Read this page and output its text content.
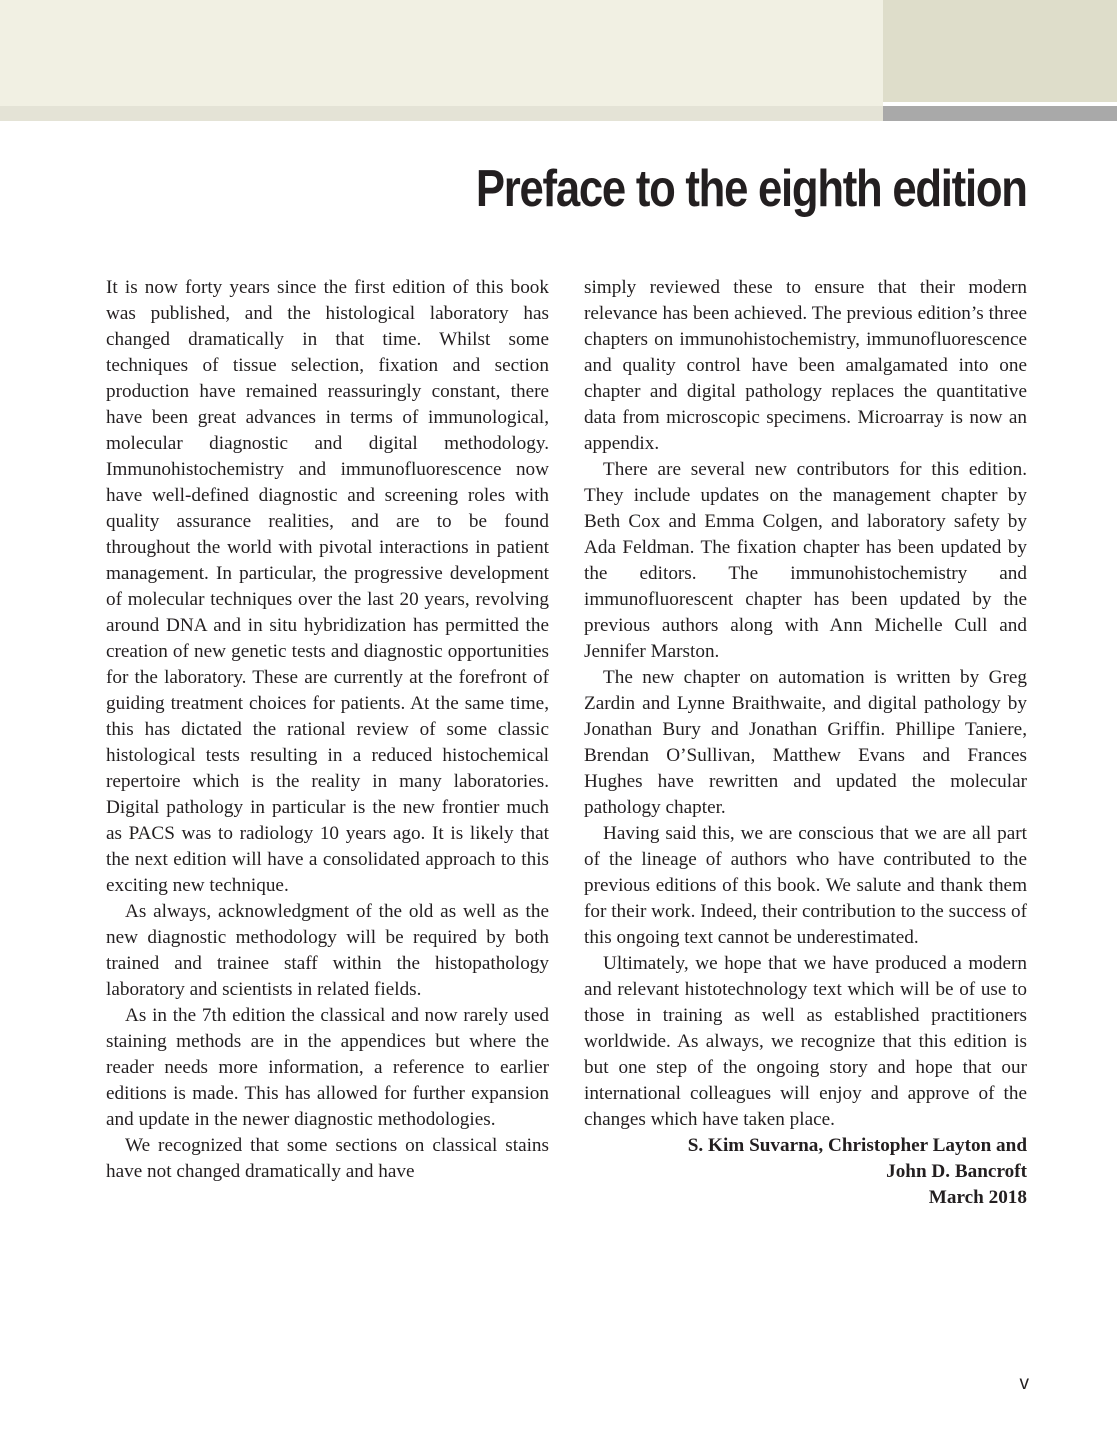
Preface to the eighth edition

It is now forty years since the first edition of this book was published, and the histological laboratory has changed dramatically in that time. Whilst some techniques of tissue selection, fixation and section production have remained reassuringly constant, there have been great advances in terms of immunological, molecular diagnostic and digital methodology. Immunohistochemistry and immunofluorescence now have well-defined diagnostic and screening roles with quality assurance realities, and are to be found throughout the world with pivotal interactions in patient management. In particular, the progressive development of molecular techniques over the last 20 years, revolving around DNA and in situ hybridization has permitted the creation of new genetic tests and diagnostic opportunities for the laboratory. These are currently at the forefront of guiding treatment choices for patients. At the same time, this has dictated the rational review of some classic histological tests resulting in a reduced histochemical repertoire which is the reality in many laboratories. Digital pathology in particular is the new frontier much as PACS was to radiology 10 years ago. It is likely that the next edition will have a consolidated approach to this exciting new technique.

As always, acknowledgment of the old as well as the new diagnostic methodology will be required by both trained and trainee staff within the histopathology laboratory and scientists in related fields.

As in the 7th edition the classical and now rarely used staining methods are in the appendices but where the reader needs more information, a reference to earlier editions is made. This has allowed for further expansion and update in the newer diagnostic methodologies.

We recognized that some sections on classical stains have not changed dramatically and have

simply reviewed these to ensure that their modern relevance has been achieved. The previous edition’s three chapters on immunohistochemistry, immunofluorescence and quality control have been amalgamated into one chapter and digital pathology replaces the quantitative data from microscopic specimens. Microarray is now an appendix.

There are several new contributors for this edition. They include updates on the management chapter by Beth Cox and Emma Colgen, and laboratory safety by Ada Feldman. The fixation chapter has been updated by the editors. The immunohistochemistry and immunofluorescent chapter has been updated by the previous authors along with Ann Michelle Cull and Jennifer Marston.

The new chapter on automation is written by Greg Zardin and Lynne Braithwaite, and digital pathology by Jonathan Bury and Jonathan Griffin. Phillipe Taniere, Brendan O’Sullivan, Matthew Evans and Frances Hughes have rewritten and updated the molecular pathology chapter.

Having said this, we are conscious that we are all part of the lineage of authors who have contributed to the previous editions of this book. We salute and thank them for their work. Indeed, their contribution to the success of this ongoing text cannot be underestimated.

Ultimately, we hope that we have produced a modern and relevant histotechnology text which will be of use to those in training as well as established practitioners worldwide. As always, we recognize that this edition is but one step of the ongoing story and hope that our international colleagues will enjoy and approve of the changes which have taken place.

S. Kim Suvarna, Christopher Layton and
John D. Bancroft
March 2018
v
